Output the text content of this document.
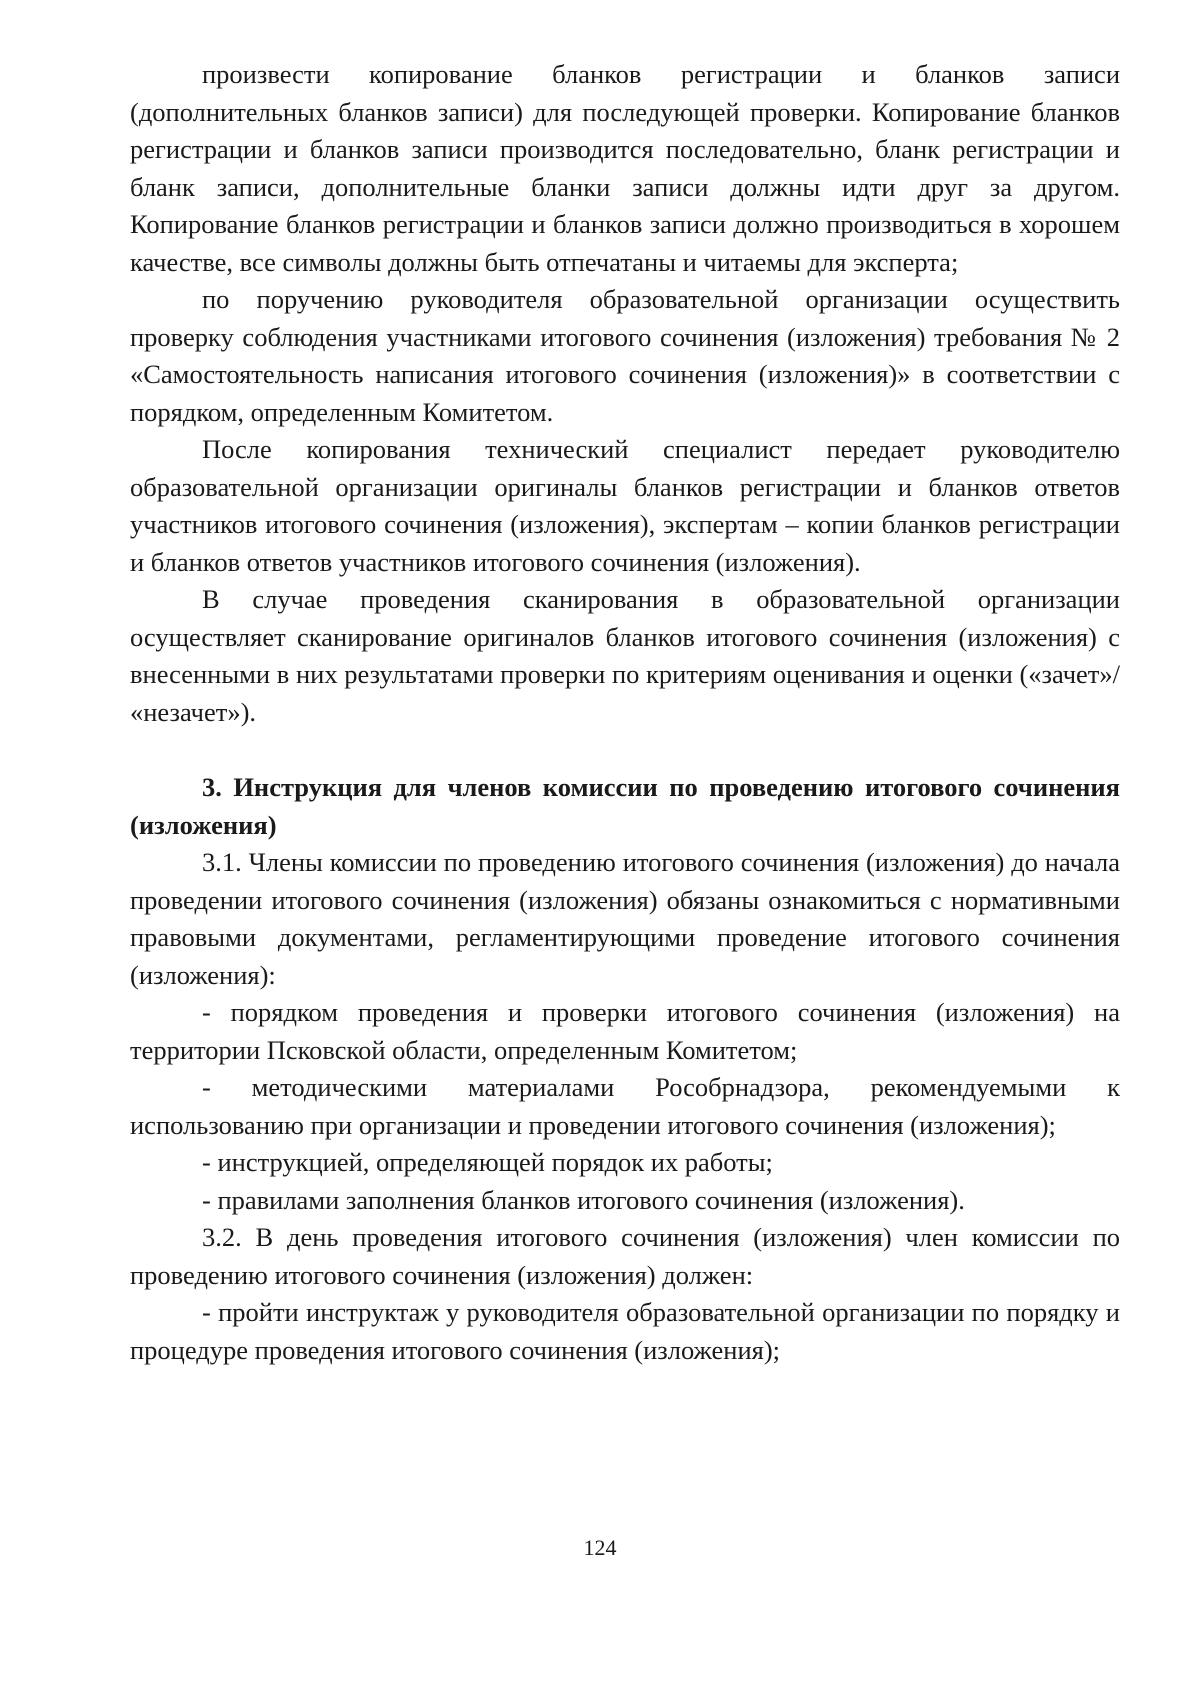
произвести копирование бланков регистрации и бланков записи (дополнительных бланков записи) для последующей проверки. Копирование бланков регистрации и бланков записи производится последовательно, бланк регистрации и бланк записи, дополнительные бланки записи должны идти друг за другом. Копирование бланков регистрации и бланков записи должно производиться в хорошем качестве, все символы должны быть отпечатаны и читаемы для эксперта;

по поручению руководителя образовательной организации осуществить проверку соблюдения участниками итогового сочинения (изложения) требования № 2 «Самостоятельность написания итогового сочинения (изложения)» в соответствии с порядком, определенным Комитетом.

После копирования технический специалист передает руководителю образовательной организации оригиналы бланков регистрации и бланков ответов участников итогового сочинения (изложения), экспертам – копии бланков регистрации и бланков ответов участников итогового сочинения (изложения).

В случае проведения сканирования в образовательной организации осуществляет сканирование оригиналов бланков итогового сочинения (изложения) с внесенными в них результатами проверки по критериям оценивания и оценки («зачет»/ «незачет»).

3. Инструкция для членов комиссии по проведению итогового сочинения (изложения)

3.1. Члены комиссии по проведению итогового сочинения (изложения) до начала проведении итогового сочинения (изложения) обязаны ознакомиться с нормативными правовыми документами, регламентирующими проведение итогового сочинения (изложения):

- порядком проведения и проверки итогового сочинения (изложения) на территории Псковской области, определенным Комитетом;

- методическими материалами Рособрнадзора, рекомендуемыми к использованию при организации и проведении итогового сочинения (изложения);

- инструкцией, определяющей порядок их работы;

- правилами заполнения бланков итогового сочинения (изложения).

3.2. В день проведения итогового сочинения (изложения) член комиссии по проведению итогового сочинения (изложения) должен:

- пройти инструктаж у руководителя образовательной организации по порядку и процедуре проведения итогового сочинения (изложения);

124
